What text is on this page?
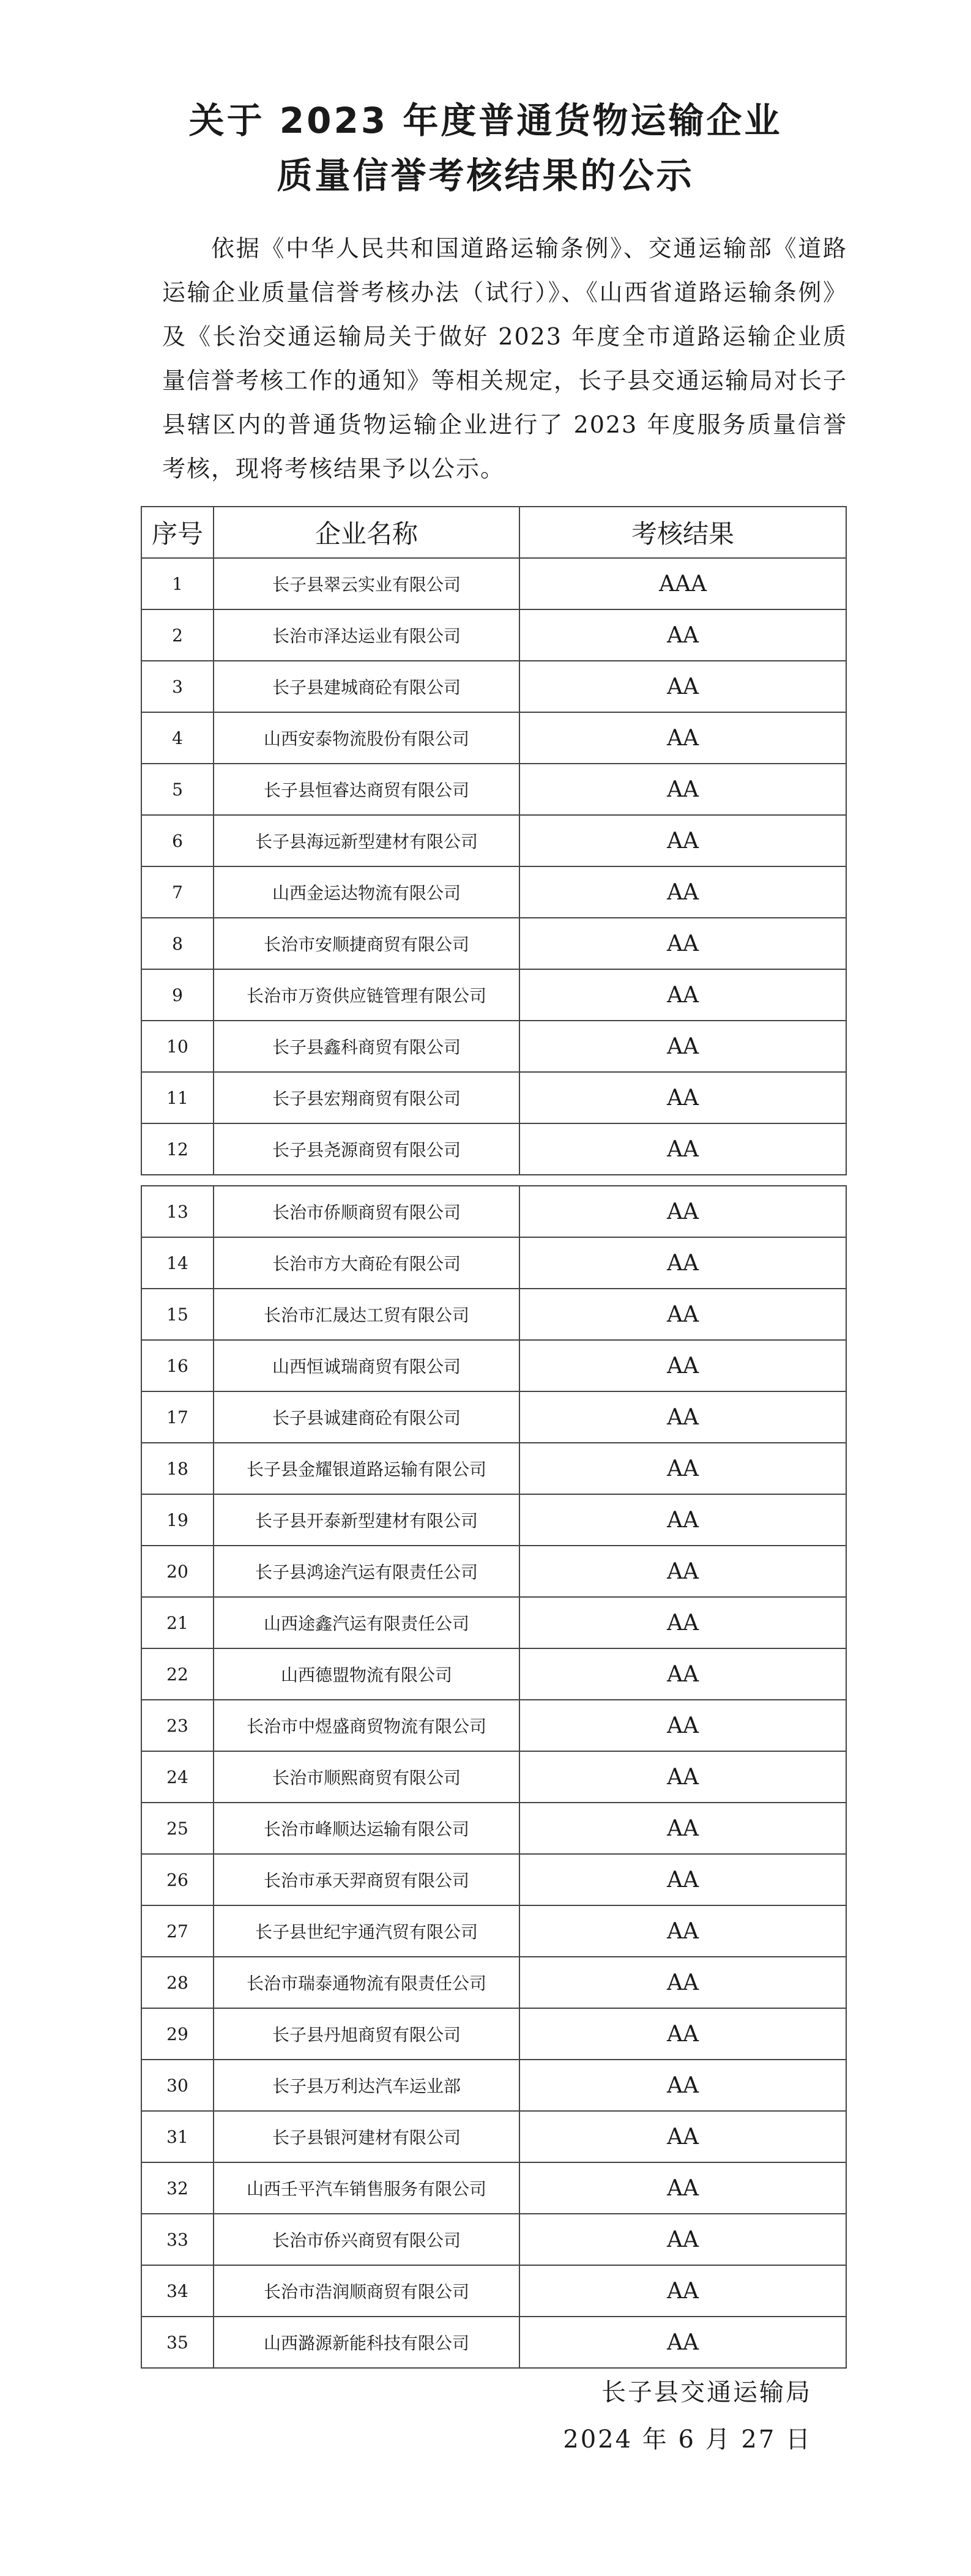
关于 2023 年度普通货物运输企业
质量信誉考核结果的公示
依据《中华人民共和国道路运输条例》、交通运输部《道路运输企业质量信誉考核办法（试行）》、《山西省道路运输条例》及《长治交通运输局关于做好 2023 年度全市道路运输企业质量信誉考核工作的通知》等相关规定，长子县交通运输局对长子县辖区内的普通货物运输企业进行了 2023 年度服务质量信誉考核，现将考核结果予以公示。
序号	企业名称	考核结果
1	长子县翠云实业有限公司	AAA
2	长治市泽达运业有限公司	AA
3	长子县建城商砼有限公司	AA
4	山西安泰物流股份有限公司	AA
5	长子县恒睿达商贸有限公司	AA
6	长子县海远新型建材有限公司	AA
7	山西金运达物流有限公司	AA
8	长治市安顺捷商贸有限公司	AA
9	长治市万资供应链管理有限公司	AA
10	长子县鑫科商贸有限公司	AA
11	长子县宏翔商贸有限公司	AA
12	长子县尧源商贸有限公司	AA
13	长治市侨顺商贸有限公司	AA
14	长治市方大商砼有限公司	AA
15	长治市汇晟达工贸有限公司	AA
16	山西恒诚瑞商贸有限公司	AA
17	长子县诚建商砼有限公司	AA
18	长子县金耀银道路运输有限公司	AA
19	长子县开泰新型建材有限公司	AA
20	长子县鸿途汽运有限责任公司	AA
21	山西途鑫汽运有限责任公司	AA
22	山西德盟物流有限公司	AA
23	长治市中煜盛商贸物流有限公司	AA
24	长治市顺熙商贸有限公司	AA
25	长治市峰顺达运输有限公司	AA
26	长治市承天羿商贸有限公司	AA
27	长子县世纪宇通汽贸有限公司	AA
28	长治市瑞泰通物流有限责任公司	AA
29	长子县丹旭商贸有限公司	AA
30	长子县万利达汽车运业部	AA
31	长子县银河建材有限公司	AA
32	山西壬平汽车销售服务有限公司	AA
33	长治市侨兴商贸有限公司	AA
34	长治市浩润顺商贸有限公司	AA
35	山西潞源新能科技有限公司	AA
长子县交通运输局
2024 年 6 月 27 日
